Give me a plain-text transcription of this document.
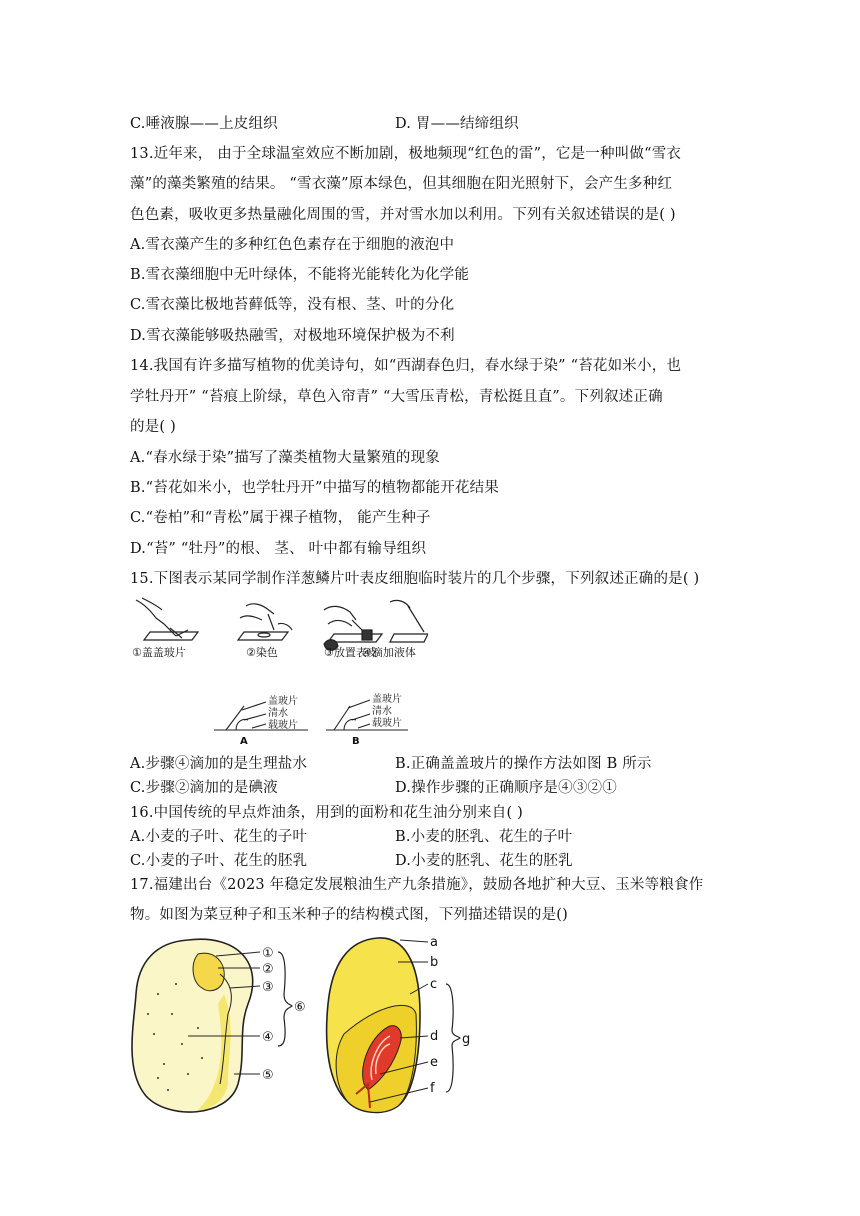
C.唾液腺——上皮组织	D. 胃——结缔组织
13.近年来， 由于全球温室效应不断加剧，极地频现“红色的雷”，它是一种叫做“雪衣
藻”的藻类繁殖的结果。 “雪衣藻”原本绿色，但其细胞在阳光照射下，会产生多种红
色色素，吸收更多热量融化周围的雪，并对雪水加以利用。下列有关叙述错误的是( )
A.雪衣藻产生的多种红色色素存在于细胞的液泡中
B.雪衣藻细胞中无叶绿体，不能将光能转化为化学能
C.雪衣藻比极地苔藓低等，没有根、茎、叶的分化
D.雪衣藻能够吸热融雪，对极地环境保护极为不利
14.我国有许多描写植物的优美诗句，如“西湖春色归，春水绿于染” “苔花如米小，也
学牡丹开” “苔痕上阶绿，草色入帘青” “大雪压青松，青松挺且直”。下列叙述正确
的是( )
A.“春水绿于染”描写了藻类植物大量繁殖的现象
B.“苔花如米小，也学牡丹开”中描写的植物都能开花结果
C.“卷柏”和“青松”属于裸子植物， 能产生种子
D.“苔” “牡丹”的根、 茎、 叶中都有输导组织
15.下图表示某同学制作洋葱鳞片叶表皮细胞临时装片的几个步骤，下列叙述正确的是( )
①盖盖玻片	②染色	③放置表皮
④滴加液体
盖玻片
清水
载玻片
A
盖玻片
清水
载玻片
B
A.步骤④滴加的是生理盐水	B.正确盖盖玻片的操作方法如图 B 所示
C.步骤②滴加的是碘液	D.操作步骤的正确顺序是④③②①
16.中国传统的早点炸油条，用到的面粉和花生油分别来自( )
A.小麦的子叶、花生的子叶	B.小麦的胚乳、花生的子叶
C.小麦的子叶、花生的胚乳	D.小麦的胚乳、花生的胚乳
17.福建出台《2023 年稳定发展粮油生产九条措施》，鼓励各地扩种大豆、玉米等粮食作
物。如图为菜豆种子和玉米种子的结构模式图，下列描述错误的是()
①
②
③
④
⑤
⑥
a
b
c
d
e
f
g
